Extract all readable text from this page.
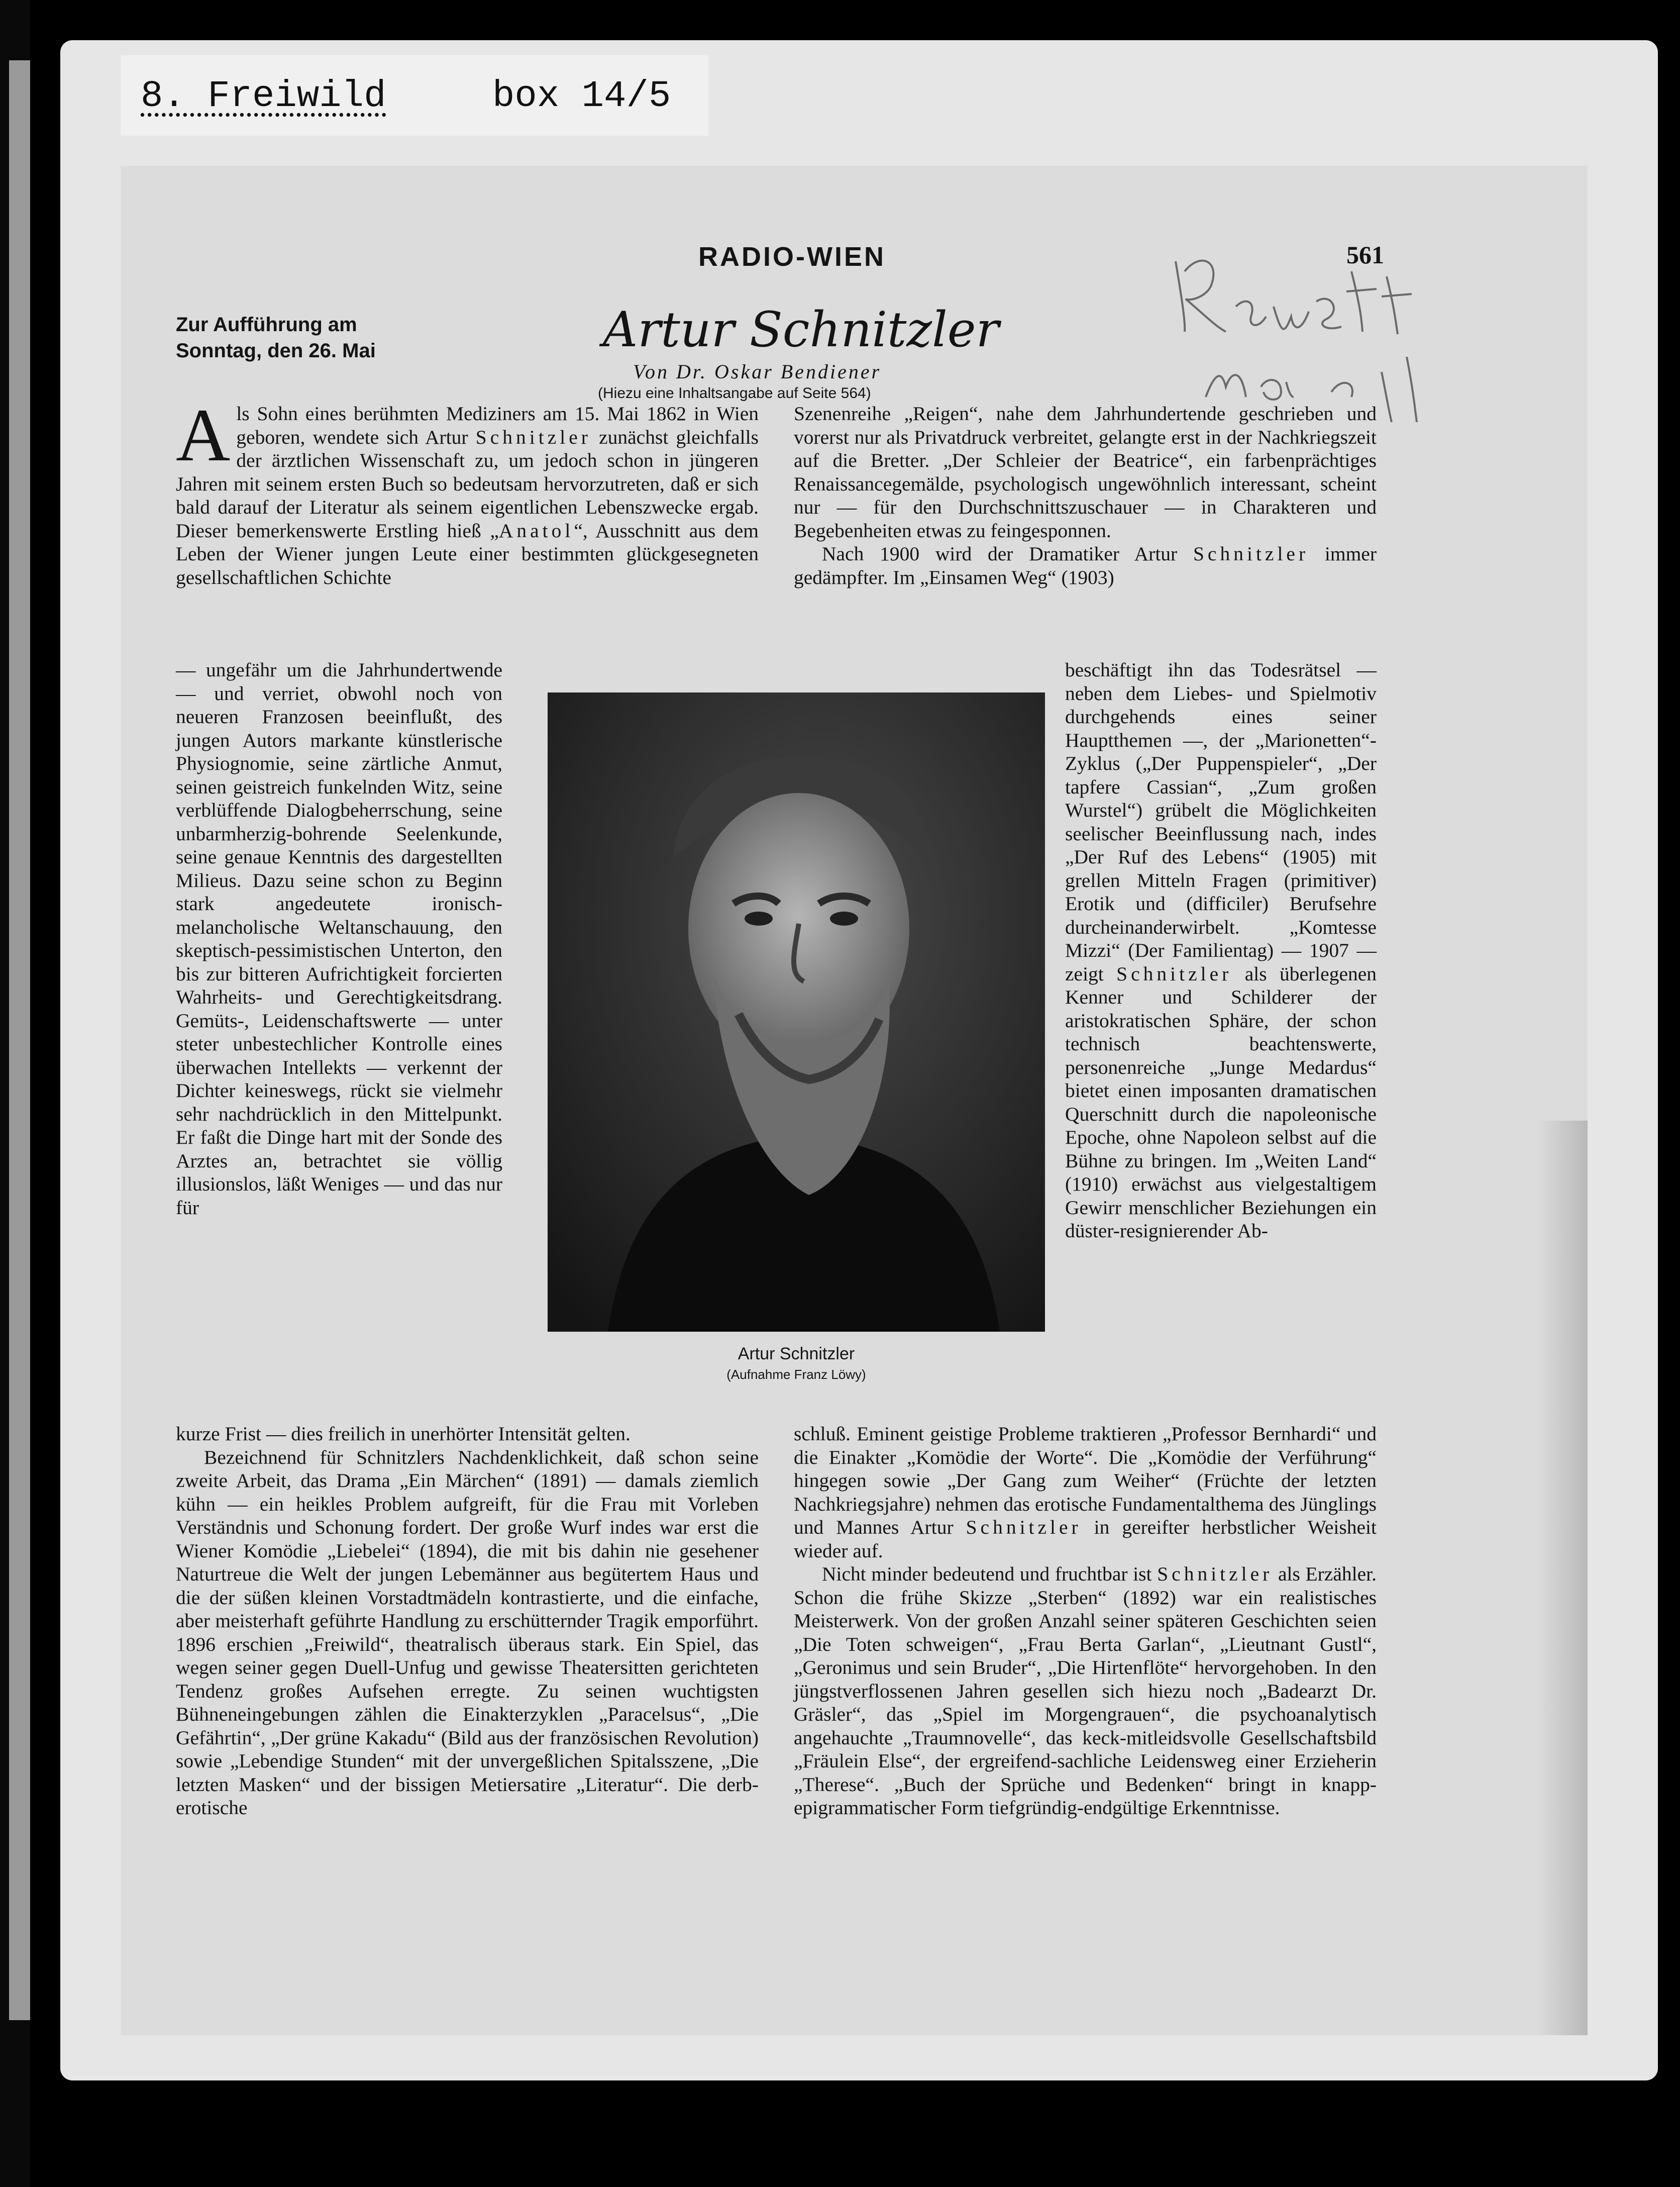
8. Freiwild	box 14/5
RADIO-WIEN	561
Zur Aufführung am Sonntag, den 26. Mai	Artur Schnitzler
Von Dr. Oskar Bendiener
(Hiezu eine Inhaltsangabe auf Seite 564)

Als Sohn eines berühmten Mediziners am 15. Mai 1862 in Wien geboren, wendete sich Artur Schnitzler zunächst gleichfalls der ärztlichen Wissenschaft zu, um jedoch schon in jüngeren Jahren mit seinem ersten Buch so bedeutsam hervorzutreten, daß er sich bald darauf der Literatur als seinem eigentlichen Lebenszwecke ergab. Dieser bemerkenswerte Erstling hieß „Anatol“, Ausschnitt aus dem Leben der Wiener jungen Leute einer bestimmten glückgesegneten gesellschaftlichen Schichte

— ungefähr um die Jahrhundertwende — und verriet, obwohl noch von neueren Franzosen beeinflußt, des jungen Autors markante künstlerische Physiognomie, seine zärtliche Anmut, seinen geistreich funkelnden Witz, seine verblüffende Dialogbeherrschung, seine unbarmherzig-bohrende Seelenkunde, seine genaue Kenntnis des dargestellten Milieus. Dazu seine schon zu Beginn stark angedeutete ironisch-melancholische Weltanschauung, den skeptisch-pessimistischen Unterton, den bis zur bitteren Aufrichtigkeit forcierten Wahrheits- und Gerechtigkeitsdrang. Gemüts-, Leidenschaftswerte — unter steter unbestechlicher Kontrolle eines überwachen Intellekts — verkennt der Dichter keineswegs, rückt sie vielmehr sehr nachdrücklich in den Mittelpunkt. Er faßt die Dinge hart mit der Sonde des Arztes an, betrachtet sie völlig illusionslos, läßt Weniges — und das nur für

kurze Frist — dies freilich in unerhörter Intensität gelten.

Bezeichnend für Schnitzlers Nachdenklichkeit, daß schon seine zweite Arbeit, das Drama „Ein Märchen“ (1891) — damals ziemlich kühn — ein heikles Problem aufgreift, für die Frau mit Vorleben Verständnis und Schonung fordert. Der große Wurf indes war erst die Wiener Komödie „Liebelei“ (1894), die mit bis dahin nie gesehener Naturtreue die Welt der jungen Lebemänner aus begütertem Haus und die der süßen kleinen Vorstadtmädeln kontrastierte, und die einfache, aber meisterhaft geführte Handlung zu erschütternder Tragik emporführt. 1896 erschien „Freiwild“, theatralisch überaus stark. Ein Spiel, das wegen seiner gegen Duell-Unfug und gewisse Theatersitten gerichteten Tendenz großes Aufsehen erregte. Zu seinen wuchtigsten Bühneneingebungen zählen die Einakterzyklen „Paracelsus“, „Die Gefährtin“, „Der grüne Kakadu“ (Bild aus der französischen Revolution) sowie „Lebendige Stunden“ mit der unvergeßlichen Spitalsszene, „Die letzten Masken“ und der bissigen Metiersatire „Literatur“. Die derb-erotische

Szenenreihe „Reigen“, nahe dem Jahrhundertende geschrieben und vorerst nur als Privatdruck verbreitet, gelangte erst in der Nachkriegszeit auf die Bretter. „Der Schleier der Beatrice“, ein farbenprächtiges Renaissancegemälde, psychologisch ungewöhnlich interessant, scheint nur — für den Durchschnittszuschauer — in Charakteren und Begebenheiten etwas zu feingesponnen.

Nach 1900 wird der Dramatiker Artur Schnitzler immer gedämpfter. Im „Einsamen Weg“ (1903)

beschäftigt ihn das Todesrätsel — neben dem Liebes- und Spielmotiv durchgehends eines seiner Hauptthemen —, der „Marionetten“-Zyklus („Der Puppenspieler“, „Der tapfere Cassian“, „Zum großen Wurstel“) grübelt die Möglichkeiten seelischer Beeinflussung nach, indes „Der Ruf des Lebens“ (1905) mit grellen Mitteln Fragen (primitiver) Erotik und (difficiler) Berufsehre durcheinanderwirbelt. „Komtesse Mizzi“ (Der Familientag) — 1907 — zeigt Schnitzler als überlegenen Kenner und Schilderer der aristokratischen Sphäre, der schon technisch beachtenswerte, personenreiche „Junge Medardus“ bietet einen imposanten dramatischen Querschnitt durch die napoleonische Epoche, ohne Napoleon selbst auf die Bühne zu bringen. Im „Weiten Land“ (1910) erwächst aus vielgestaltigem Gewirr menschlicher Beziehungen ein düster-resignierender Ab-

schluß. Eminent geistige Probleme traktieren „Professor Bernhardi“ und die Einakter „Komödie der Worte“. Die „Komödie der Verführung“ hingegen sowie „Der Gang zum Weiher“ (Früchte der letzten Nachkriegsjahre) nehmen das erotische Fundamentalthema des Jünglings und Mannes Artur Schnitzler in gereifter herbstlicher Weisheit wieder auf.

Nicht minder bedeutend und fruchtbar ist Schnitzler als Erzähler. Schon die frühe Skizze „Sterben“ (1892) war ein realistisches Meisterwerk. Von der großen Anzahl seiner späteren Geschichten seien „Die Toten schweigen“, „Frau Berta Garlan“, „Lieutnant Gustl“, „Geronimus und sein Bruder“, „Die Hirtenflöte“ hervorgehoben. In den jüngstverflossenen Jahren gesellen sich hiezu noch „Badearzt Dr. Gräsler“, das „Spiel im Morgengrauen“, die psychoanalytisch angehauchte „Traumnovelle“, das keck-mitleidsvolle Gesellschaftsbild „Fräulein Else“, der ergreifend-sachliche Leidensweg einer Erzieherin „Therese“. „Buch der Sprüche und Bedenken“ bringt in knapp-epigrammatischer Form tiefgründig-endgültige Erkenntnisse.

Artur Schnitzler
(Aufnahme Franz Löwy)
